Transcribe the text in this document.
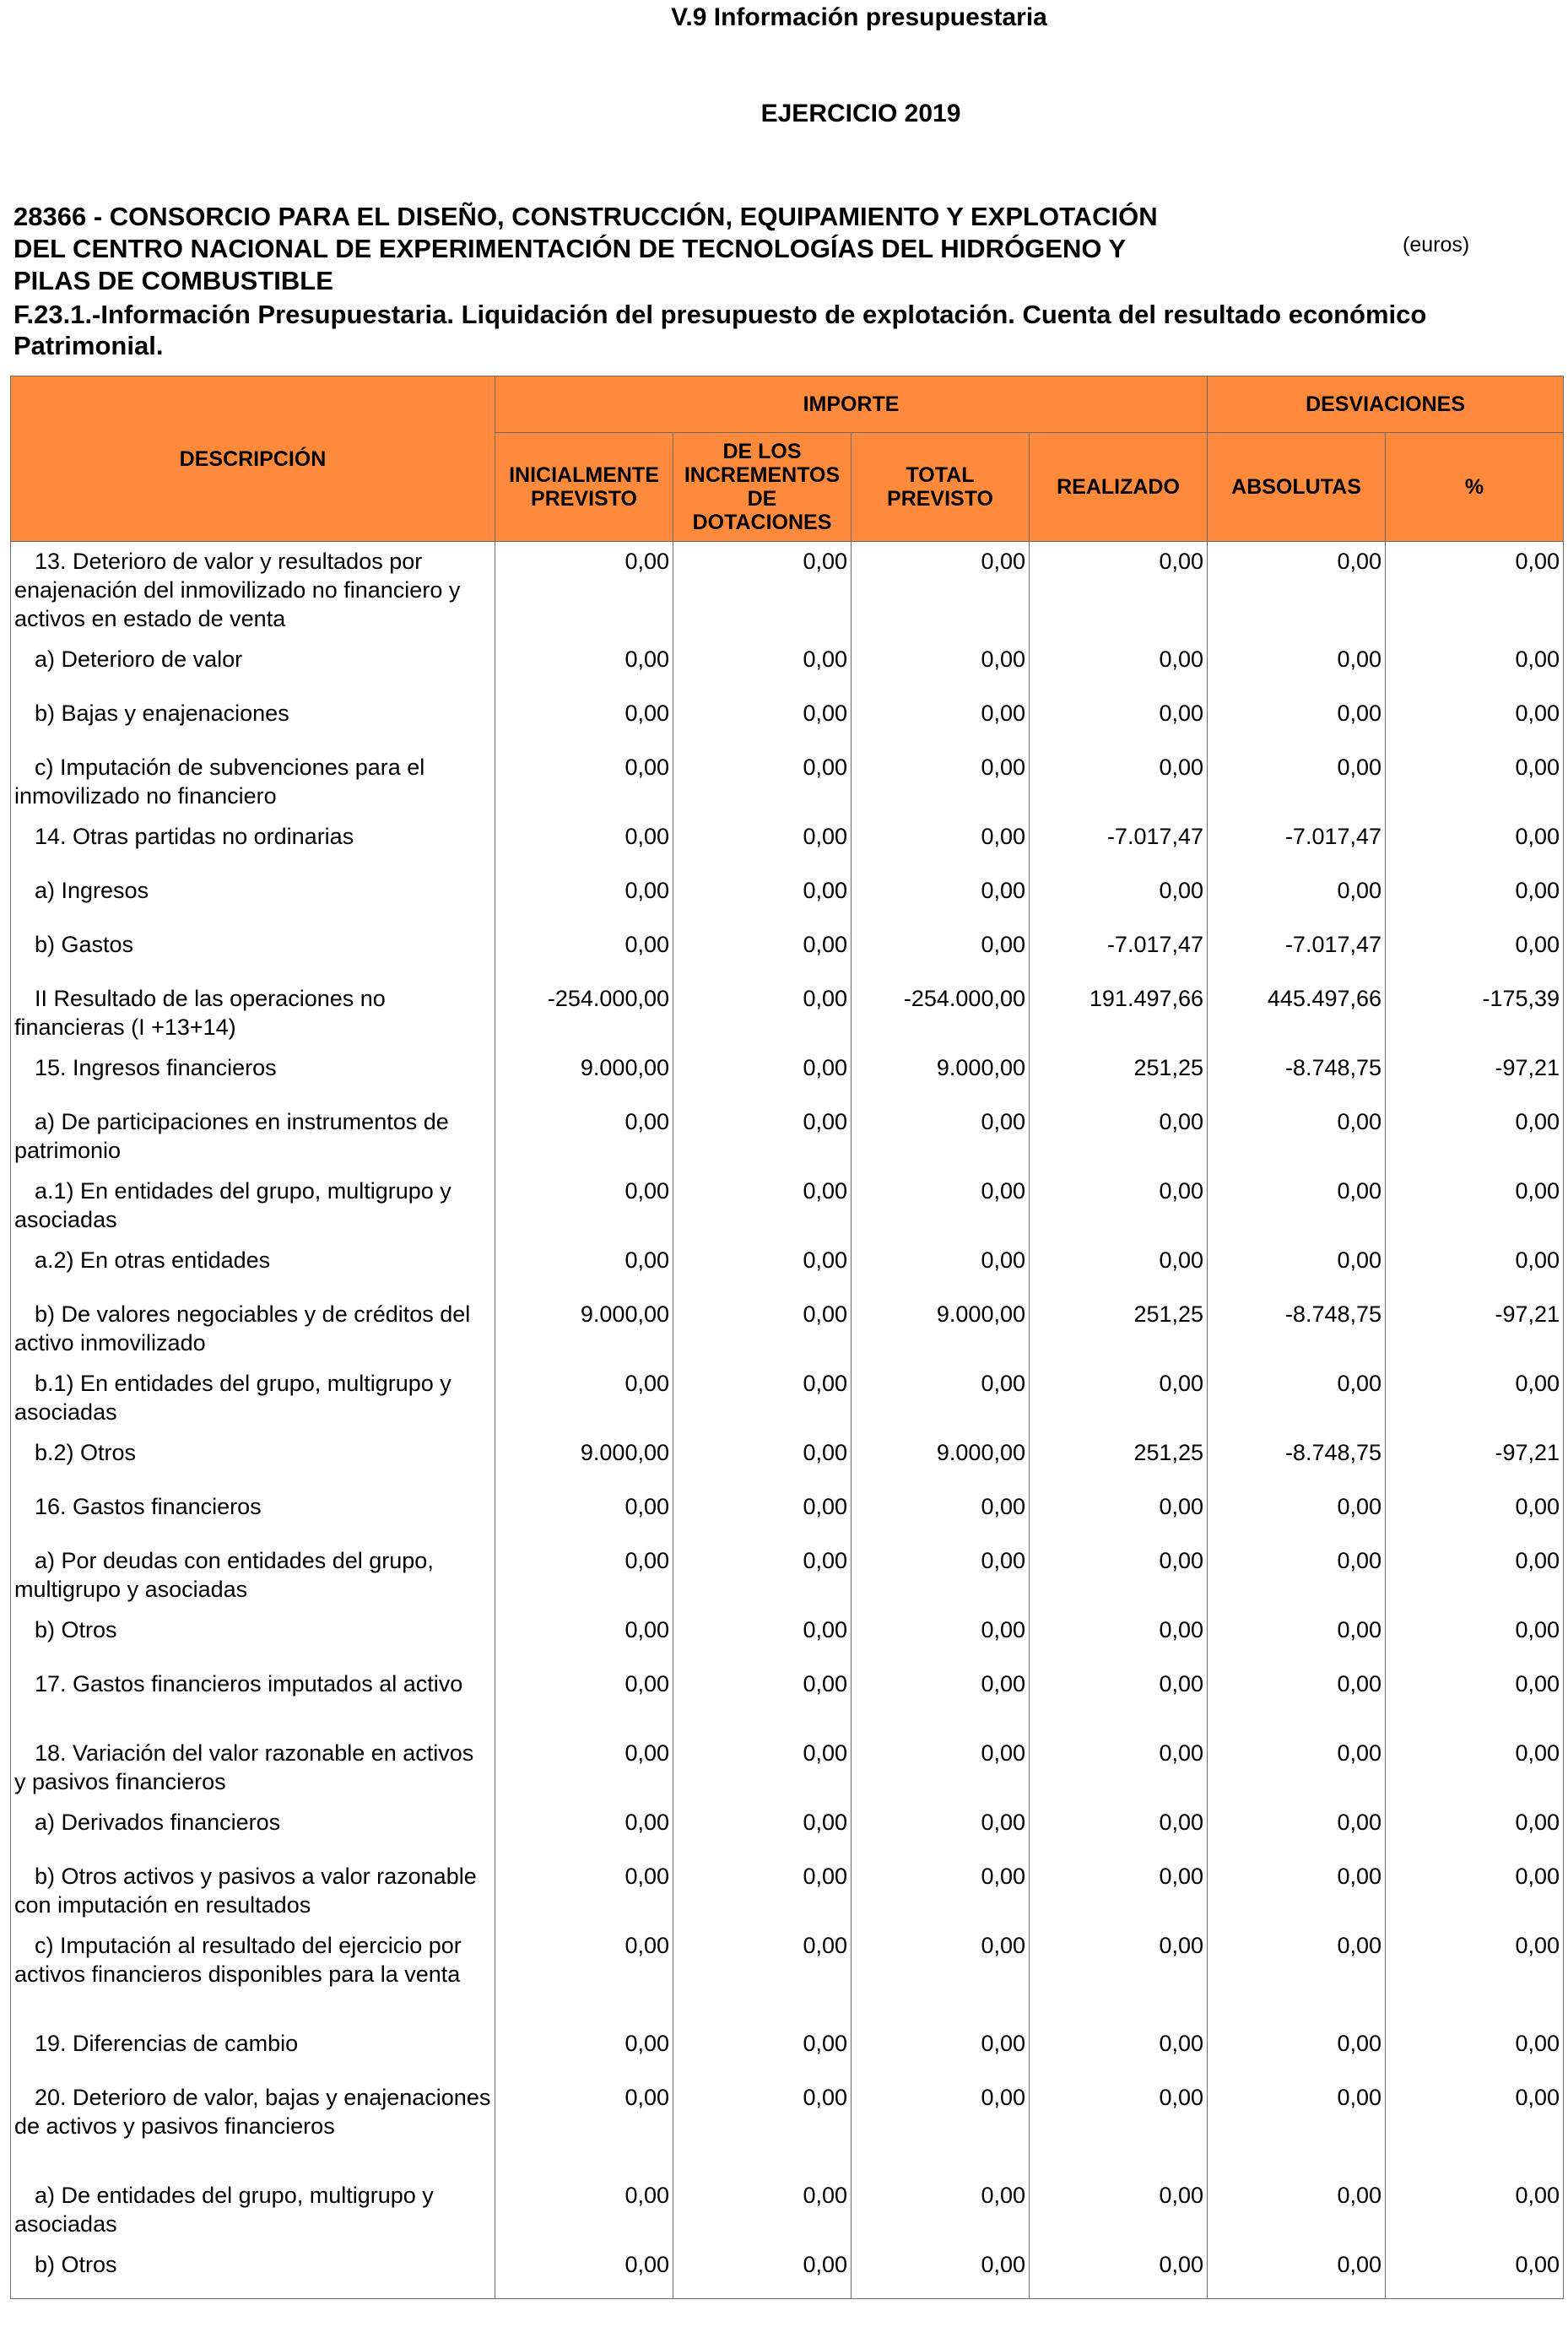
V.9 Información presupuestaria
EJERCICIO 2019
28366 - CONSORCIO PARA EL DISEÑO, CONSTRUCCIÓN, EQUIPAMIENTO Y EXPLOTACIÓN
DEL CENTRO NACIONAL DE EXPERIMENTACIÓN DE TECNOLOGÍAS DEL HIDRÓGENO Y
PILAS DE COMBUSTIBLE
(euros)
F.23.1.-Información Presupuestaria. Liquidación del presupuesto de explotación. Cuenta del resultado económico Patrimonial.
DESCRIPCIÓN	IMPORTE				DESVIACIONES	
	INICIALMENTE PREVISTO	DE LOS INCREMENTOS DE DOTACIONES	TOTAL PREVISTO	REALIZADO	ABSOLUTAS	%

13. Deterioro de valor y resultados por enajenación del inmovilizado no financiero y activos en estado de venta	0,00	0,00	0,00	0,00	0,00	0,00

a) Deterioro de valor	0,00	0,00	0,00	0,00	0,00	0,00

b) Bajas y enajenaciones	0,00	0,00	0,00	0,00	0,00	0,00

c) Imputación de subvenciones para el inmovilizado no financiero	0,00	0,00	0,00	0,00	0,00	0,00

14. Otras partidas no ordinarias	0,00	0,00	0,00	-7.017,47	-7.017,47	0,00

a) Ingresos	0,00	0,00	0,00	0,00	0,00	0,00

b) Gastos	0,00	0,00	0,00	-7.017,47	-7.017,47	0,00

II Resultado de las operaciones no financieras (I +13+14)	-254.000,00	0,00	-254.000,00	191.497,66	445.497,66	-175,39

15. Ingresos financieros	9.000,00	0,00	9.000,00	251,25	-8.748,75	-97,21

a) De participaciones en instrumentos de patrimonio	0,00	0,00	0,00	0,00	0,00	0,00

a.1) En entidades del grupo, multigrupo y asociadas	0,00	0,00	0,00	0,00	0,00	0,00

a.2) En otras entidades	0,00	0,00	0,00	0,00	0,00	0,00

b) De valores negociables y de créditos del activo inmovilizado	9.000,00	0,00	9.000,00	251,25	-8.748,75	-97,21

b.1) En entidades del grupo, multigrupo y asociadas	0,00	0,00	0,00	0,00	0,00	0,00

b.2) Otros	9.000,00	0,00	9.000,00	251,25	-8.748,75	-97,21

16. Gastos financieros	0,00	0,00	0,00	0,00	0,00	0,00

a) Por deudas con entidades del grupo, multigrupo y asociadas	0,00	0,00	0,00	0,00	0,00	0,00

b) Otros	0,00	0,00	0,00	0,00	0,00	0,00

17. Gastos financieros imputados al activo	0,00	0,00	0,00	0,00	0,00	0,00

18. Variación del valor razonable en activos y pasivos financieros	0,00	0,00	0,00	0,00	0,00	0,00

a) Derivados financieros	0,00	0,00	0,00	0,00	0,00	0,00

b) Otros activos y pasivos a valor razonable con imputación en resultados	0,00	0,00	0,00	0,00	0,00	0,00

c) Imputación al resultado del ejercicio por activos financieros disponibles para la venta	0,00	0,00	0,00	0,00	0,00	0,00

19. Diferencias de cambio	0,00	0,00	0,00	0,00	0,00	0,00

20. Deterioro de valor, bajas y enajenaciones de activos y pasivos financieros	0,00	0,00	0,00	0,00	0,00	0,00

a) De entidades del grupo, multigrupo y asociadas	0,00	0,00	0,00	0,00	0,00	0,00

b) Otros	0,00	0,00	0,00	0,00	0,00	0,00
